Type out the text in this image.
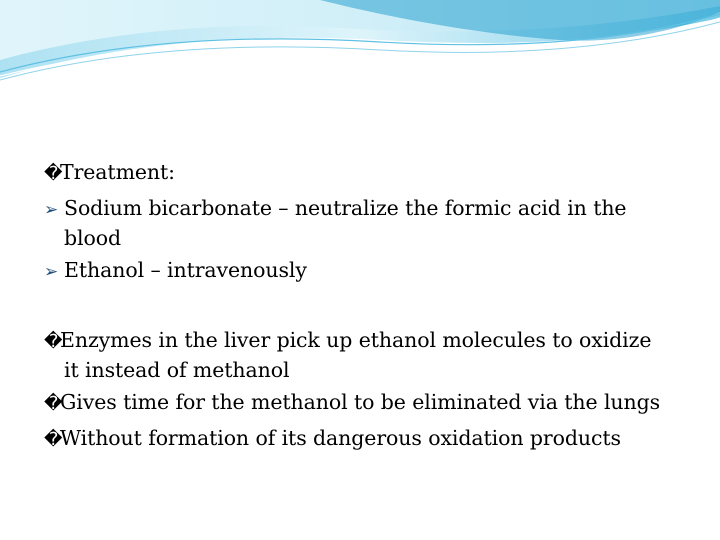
�Treatment:
➢ Sodium bicarbonate – neutralize the formic acid in the
blood
➢ Ethanol – intravenously
�Enzymes in the liver pick up ethanol molecules to oxidize
it instead of methanol
�Gives time for the methanol to be eliminated via the lungs
�Without formation of its dangerous oxidation products
